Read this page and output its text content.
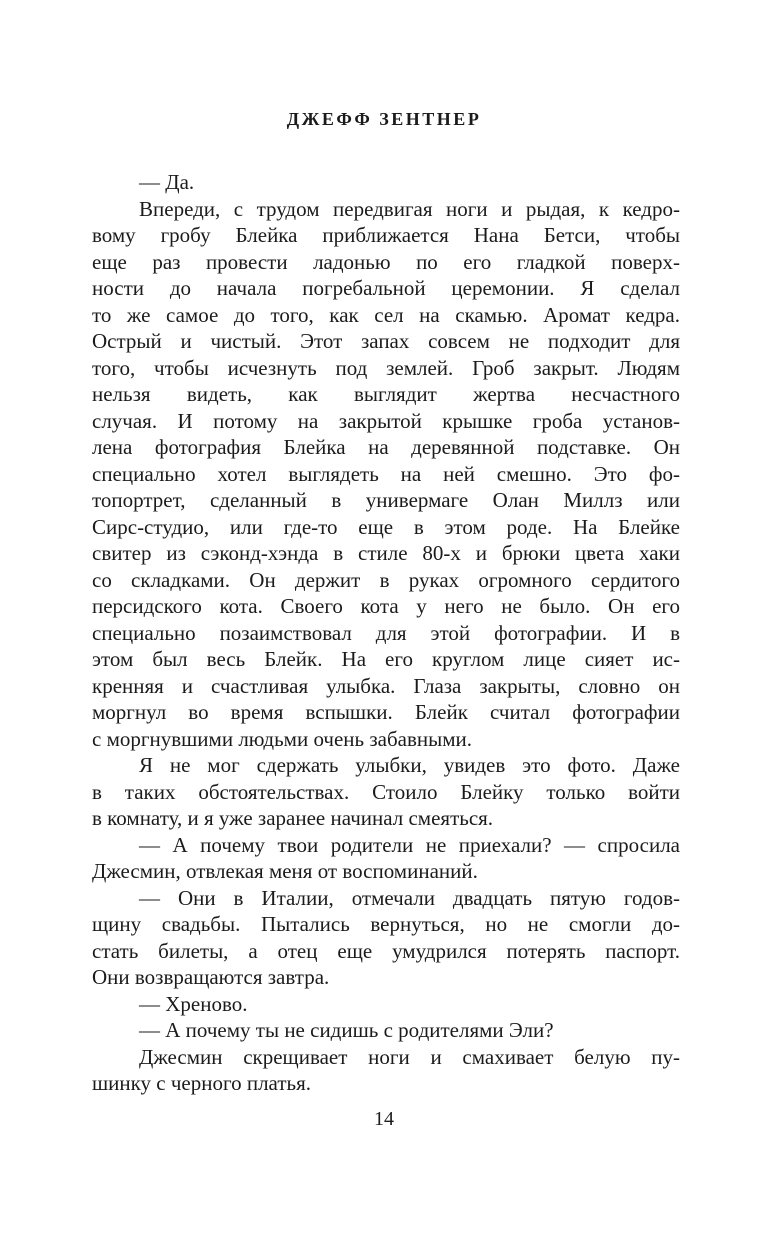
ДЖЕФФ ЗЕНТНЕР
— Да.
Впереди, с трудом передвигая ноги и рыдая, к кедро-
вому гробу Блейка приближается Нана Бетси, чтобы
еще раз провести ладонью по его гладкой поверх-
ности до начала погребальной церемонии. Я сделал
то же самое до того, как сел на скамью. Аромат кедра.
Острый и чистый. Этот запах совсем не подходит для
того, чтобы исчезнуть под землей. Гроб закрыт. Людям
нельзя видеть, как выглядит жертва несчастного
случая. И потому на закрытой крышке гроба установ-
лена фотография Блейка на деревянной подставке. Он
специально хотел выглядеть на ней смешно. Это фо-
топортрет, сделанный в универмаге Олан Миллз или
Сирс-студио, или где-то еще в этом роде. На Блейке
свитер из сэконд-хэнда в стиле 80-х и брюки цвета хаки
со складками. Он держит в руках огромного сердитого
персидского кота. Своего кота у него не было. Он его
специально позаимствовал для этой фотографии. И в
этом был весь Блейк. На его круглом лице сияет ис-
кренняя и счастливая улыбка. Глаза закрыты, словно он
моргнул во время вспышки. Блейк считал фотографии
с моргнувшими людьми очень забавными.
Я не мог сдержать улыбки, увидев это фото. Даже
в таких обстоятельствах. Стоило Блейку только войти
в комнату, и я уже заранее начинал смеяться.
— А почему твои родители не приехали? — спросила
Джесмин, отвлекая меня от воспоминаний.
— Они в Италии, отмечали двадцать пятую годов-
щину свадьбы. Пытались вернуться, но не смогли до-
стать билеты, а отец еще умудрился потерять паспорт.
Они возвращаются завтра.
— Хреново.
— А почему ты не сидишь с родителями Эли?
Джесмин скрещивает ноги и смахивает белую пу-
шинку с черного платья.
14
